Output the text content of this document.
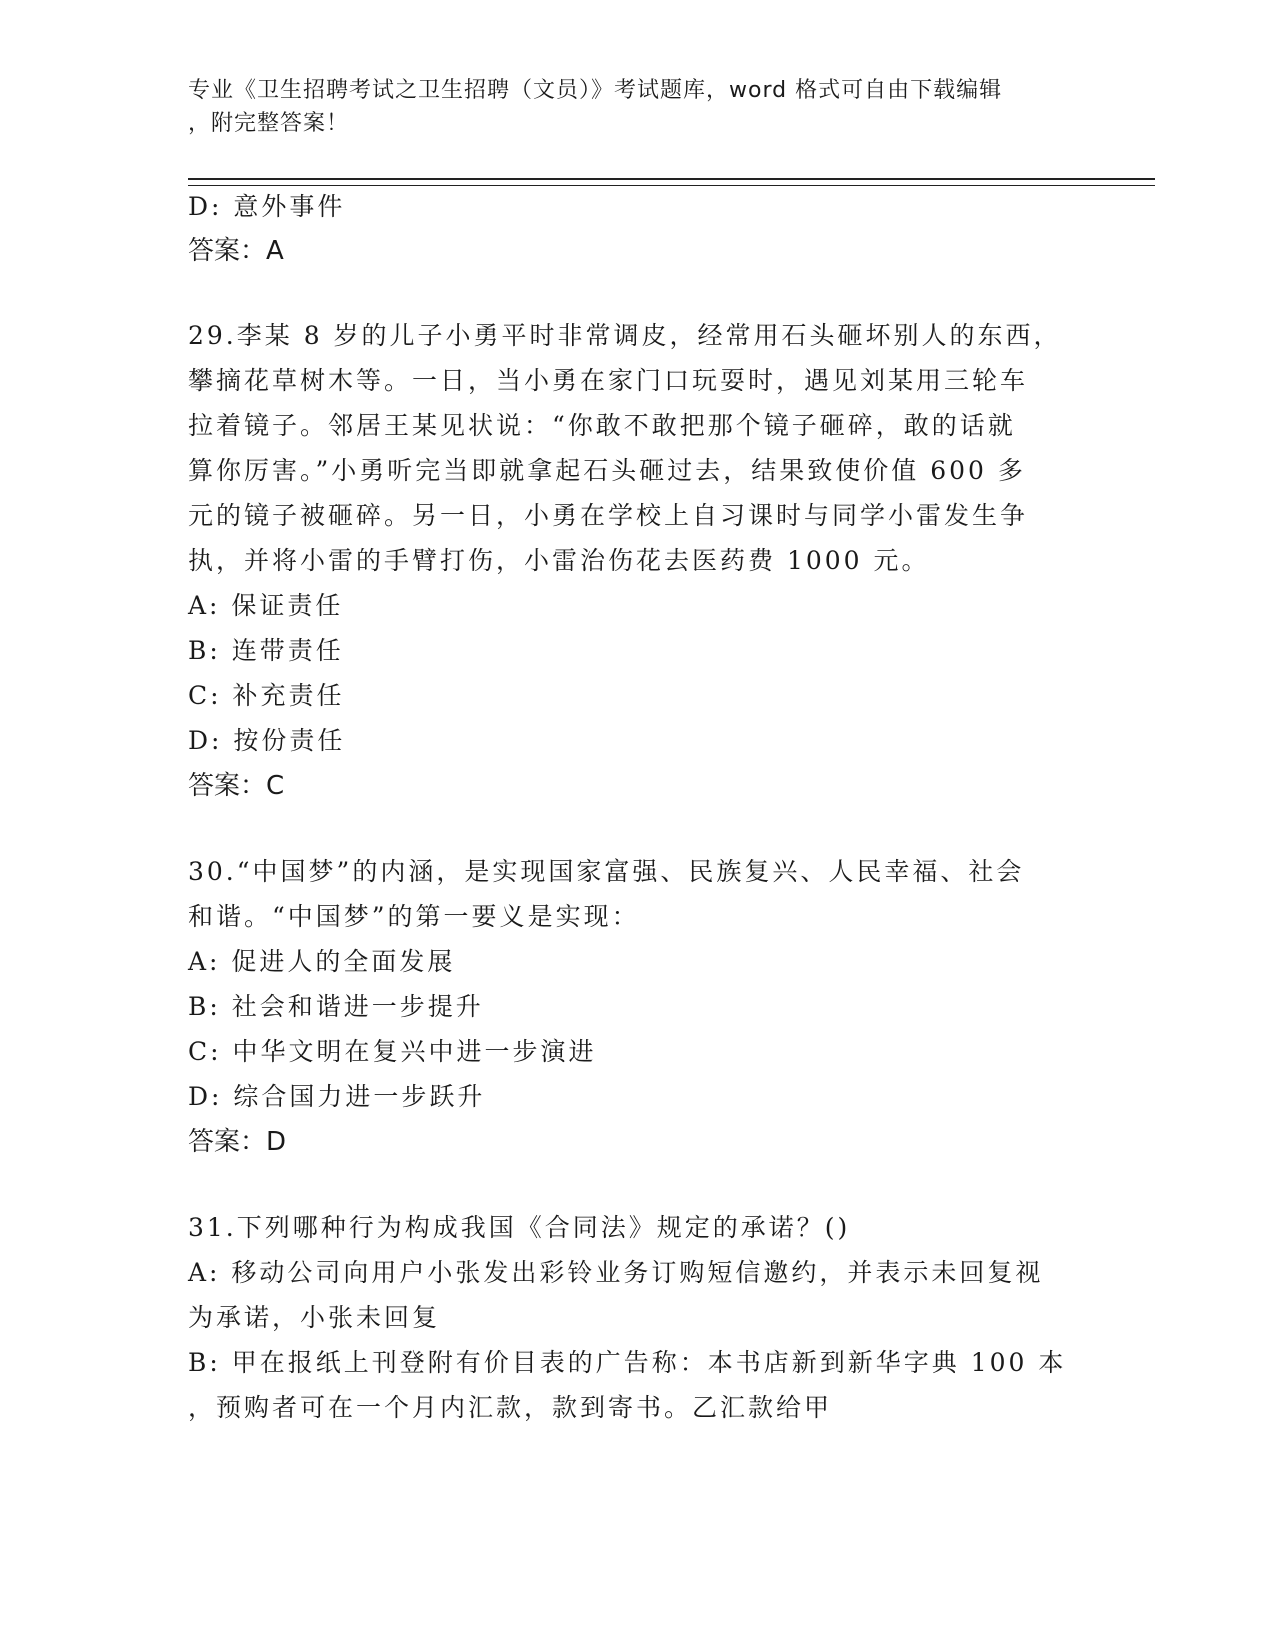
专业《卫生招聘考试之卫生招聘（文员）》考试题库，word 格式可自由下载编辑
，附完整答案！
D: 意外事件
答案：A
29.李某 8 岁的儿子小勇平时非常调皮，经常用石头砸坏别人的东西，
攀摘花草树木等。一日，当小勇在家门口玩耍时，遇见刘某用三轮车
拉着镜子。邻居王某见状说：“你敢不敢把那个镜子砸碎，敢的话就
算你厉害。”小勇听完当即就拿起石头砸过去，结果致使价值 600 多
元的镜子被砸碎。另一日，小勇在学校上自习课时与同学小雷发生争
执，并将小雷的手臂打伤，小雷治伤花去医药费 1000 元。
A: 保证责任
B: 连带责任
C: 补充责任
D: 按份责任
答案：C
30.“中国梦”的内涵，是实现国家富强、民族复兴、人民幸福、社会
和谐。“中国梦”的第一要义是实现：
A: 促进人的全面发展
B: 社会和谐进一步提升
C: 中华文明在复兴中进一步演进
D: 综合国力进一步跃升
答案：D
31.下列哪种行为构成我国《合同法》规定的承诺？()
A: 移动公司向用户小张发出彩铃业务订购短信邀约，并表示未回复视
为承诺，小张未回复
B: 甲在报纸上刊登附有价目表的广告称：本书店新到新华字典 100 本
，预购者可在一个月内汇款，款到寄书。乙汇款给甲
